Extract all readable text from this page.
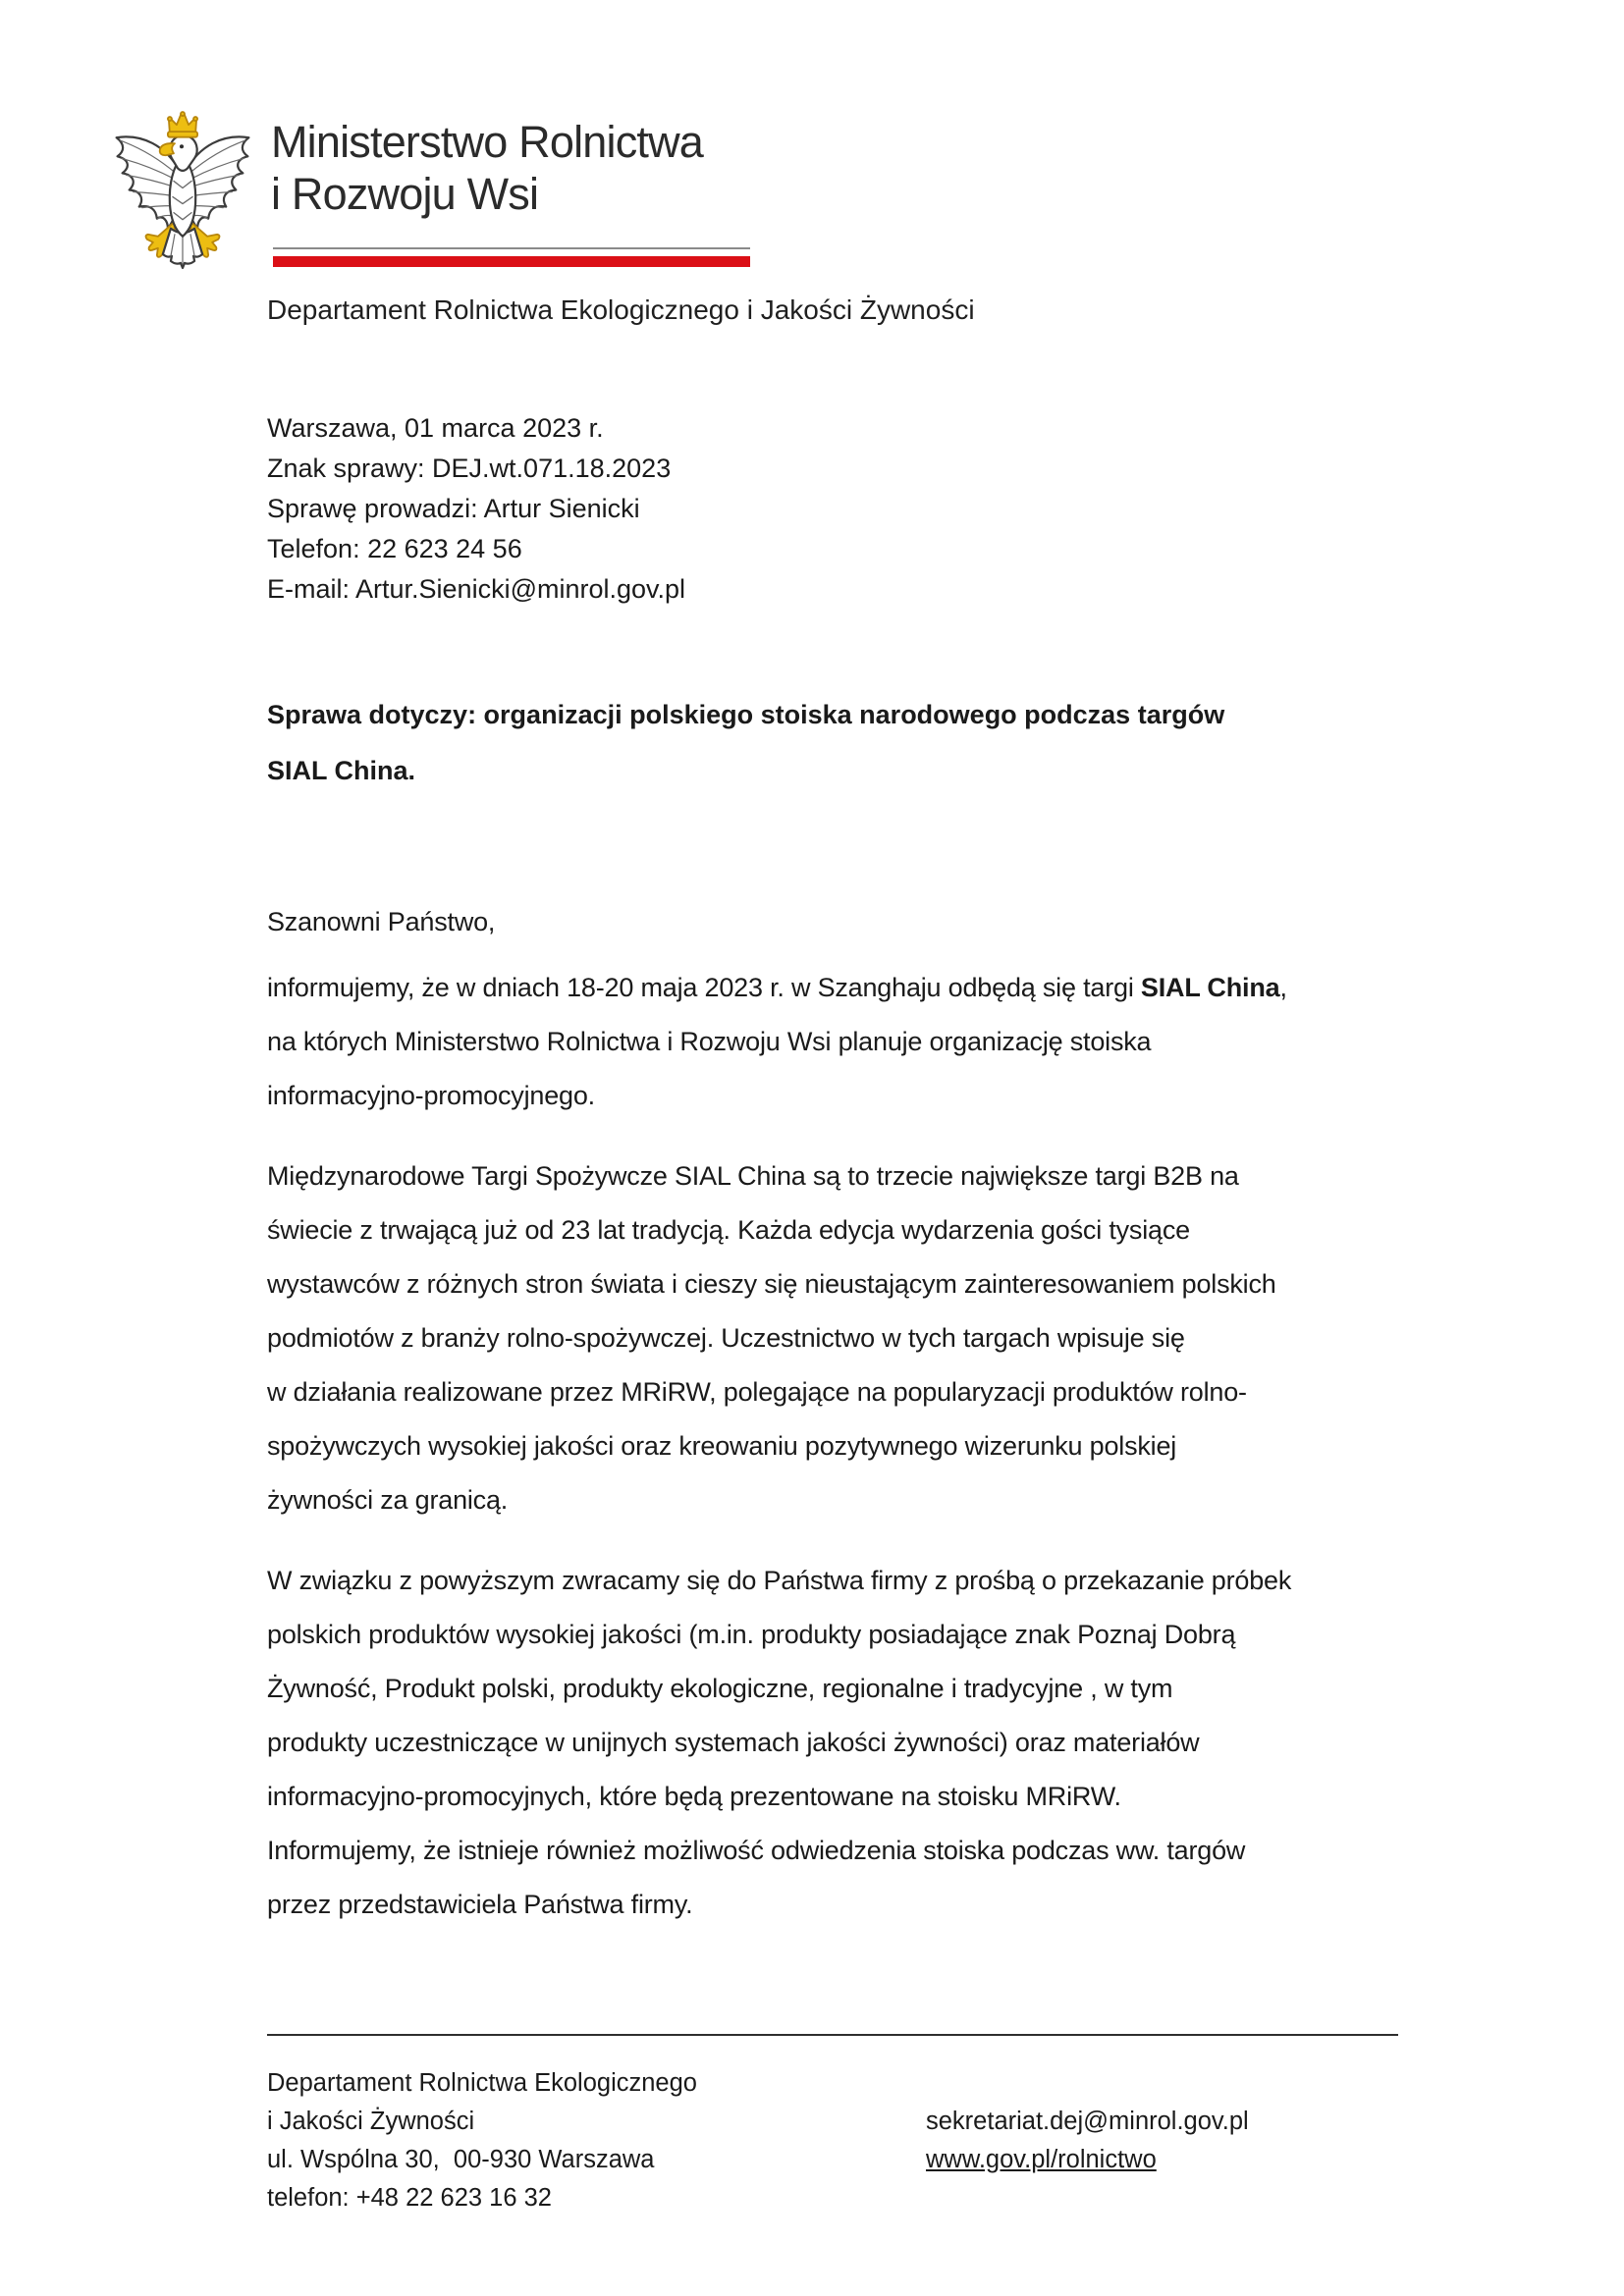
Ministerstwo Rolnictwa
i Rozwoju Wsi
Departament Rolnictwa Ekologicznego i Jakości Żywności
Warszawa, 01 marca 2023 r.
Znak sprawy: DEJ.wt.071.18.2023
Sprawę prowadzi: Artur Sienicki
Telefon: 22 623 24 56
E-mail: Artur.Sienicki@minrol.gov.pl
Sprawa dotyczy: organizacji polskiego stoiska narodowego podczas targów
SIAL China.

Szanowni Państwo,

informujemy, że w dniach 18-20 maja 2023 r. w Szanghaju odbędą się targi SIAL China,
na których Ministerstwo Rolnictwa i Rozwoju Wsi planuje organizację stoiska
informacyjno-promocyjnego.

Międzynarodowe Targi Spożywcze SIAL China są to trzecie największe targi B2B na
świecie z trwającą już od 23 lat tradycją. Każda edycja wydarzenia gości tysiące
wystawców z różnych stron świata i cieszy się nieustającym zainteresowaniem polskich
podmiotów z branży rolno-spożywczej. Uczestnictwo w tych targach wpisuje się
w działania realizowane przez MRiRW, polegające na popularyzacji produktów rolno-
spożywczych wysokiej jakości oraz kreowaniu pozytywnego wizerunku polskiej
żywności za granicą.

W związku z powyższym zwracamy się do Państwa firmy z prośbą o przekazanie próbek
polskich produktów wysokiej jakości (m.in. produkty posiadające znak Poznaj Dobrą
Żywność, Produkt polski, produkty ekologiczne, regionalne i tradycyjne , w tym
produkty uczestniczące w unijnych systemach jakości żywności) oraz materiałów
informacyjno-promocyjnych, które będą prezentowane na stoisku MRiRW.
Informujemy, że istnieje również możliwość odwiedzenia stoiska podczas ww. targów
przez przedstawiciela Państwa firmy.

Departament Rolnictwa Ekologicznego
i Jakości Żywności
ul. Wspólna 30,  00-930 Warszawa
telefon: +48 22 623 16 32
sekretariat.dej@minrol.gov.pl
www.gov.pl/rolnictwo
